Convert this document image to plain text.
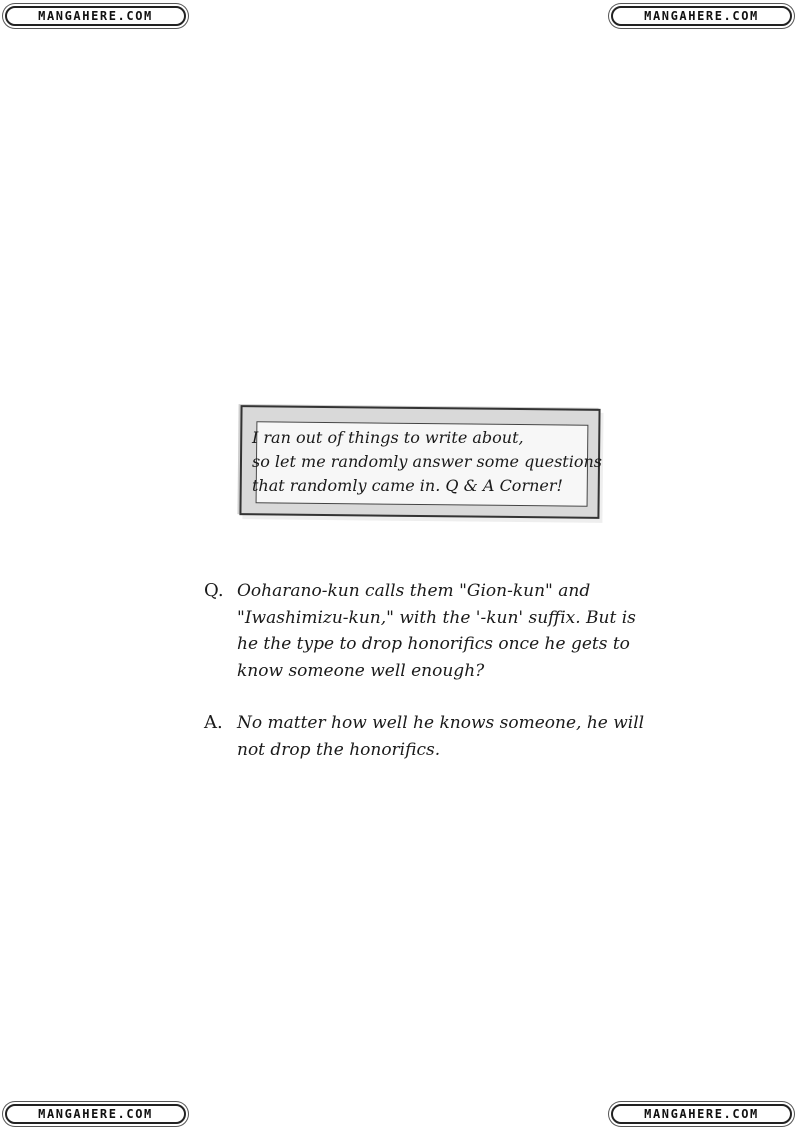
MANGAHERE.COM	MANGAHERE.COM
MANGAHERE.COM	MANGAHERE.COM
I ran out of things to write about,
so let me randomly answer some questions
that randomly came in. Q & A Corner!
Q. Ooharano-kun calls them "Gion-kun" and
"Iwashimizu-kun," with the '-kun' suffix. But is
he the type to drop honorifics once he gets to
know someone well enough?
A. No matter how well he knows someone, he will
not drop the honorifics.
